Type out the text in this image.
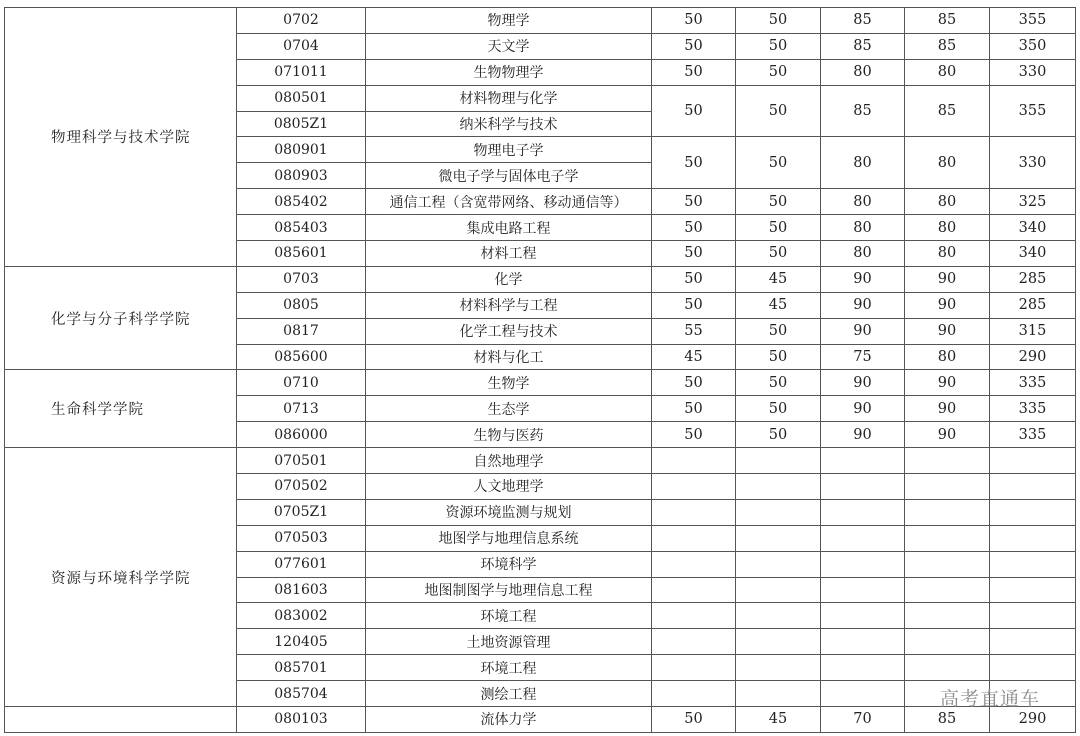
物理科学与技术学院	0702	物理学	50	50	85	85	355
	0704	天文学	50	50	85	85	350
	071011	生物物理学	50	50	80	80	330
	080501	材料物理与化学	50	50	85	85	355
	0805Z1	纳米科学与技术					
	080901	物理电子学	50	50	80	80	330
	080903	微电子学与固体电子学					
	085402	通信工程（含宽带网络、移动通信等）	50	50	80	80	325
	085403	集成电路工程	50	50	80	80	340
	085601	材料工程	50	50	80	80	340
化学与分子科学学院	0703	化学	50	45	90	90	285
	0805	材料科学与工程	50	45	90	90	285
	0817	化学工程与技术	55	50	90	90	315
	085600	材料与化工	45	50	75	80	290
生命科学学院	0710	生物学	50	50	90	90	335
	0713	生态学	50	50	90	90	335
	086000	生物与医药	50	50	90	90	335
资源与环境科学学院	070501	自然地理学					
	070502	人文地理学					
	0705Z1	资源环境监测与规划					
	070503	地图学与地理信息系统					
	077601	环境科学					
	081603	地图制图学与地理信息工程					
	083002	环境工程					
	120405	土地资源管理					
	085701	环境工程					
	085704	测绘工程					
	080103	流体力学	50	45	70	85	290
高考直通车
